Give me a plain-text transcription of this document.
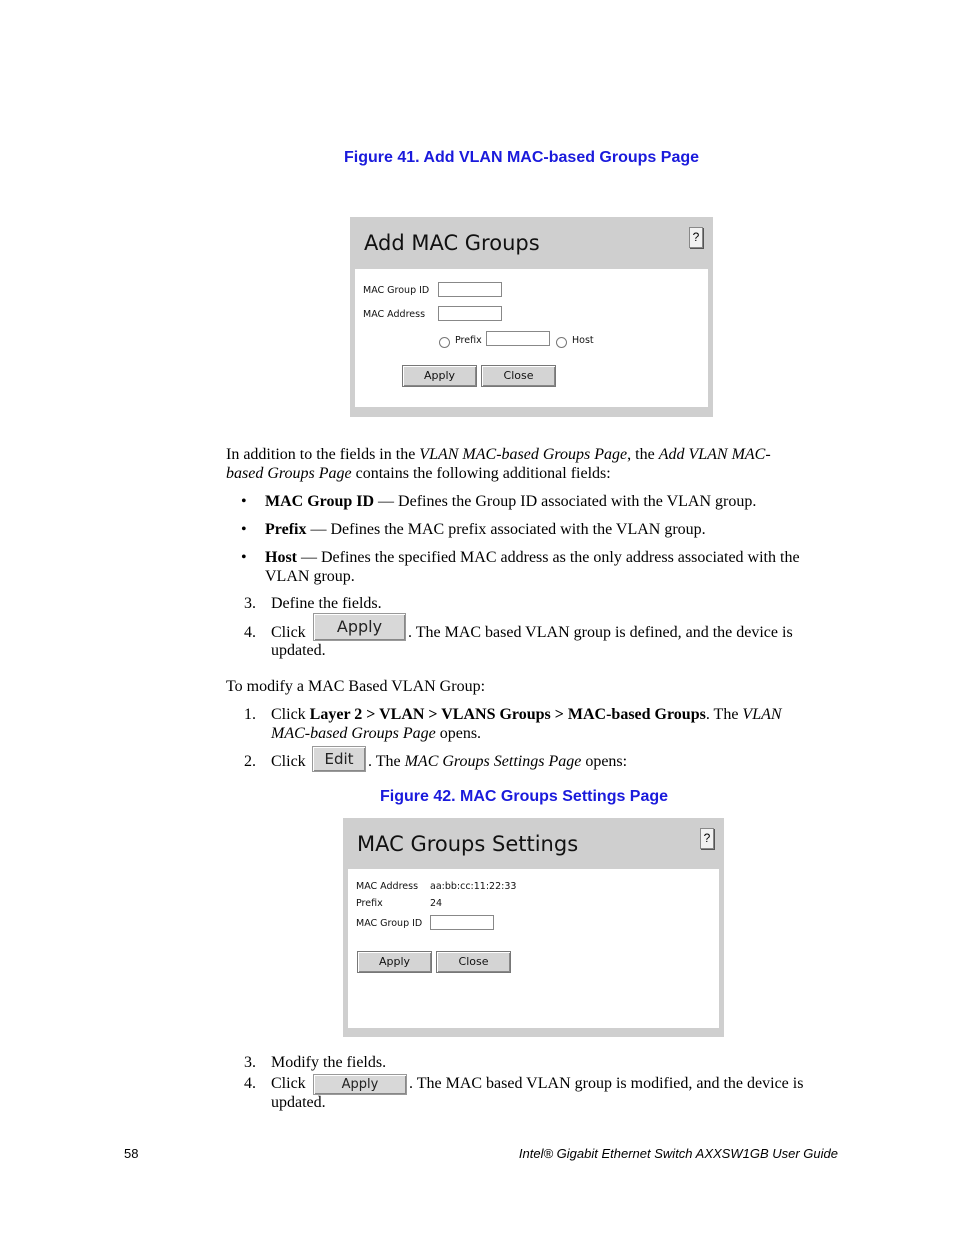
Figure 41. Add VLAN MAC-based Groups Page
Add MAC Groups	?
MAC Group ID
MAC Address
Prefix	Host
Apply	Close
In addition to the fields in the VLAN MAC-based Groups Page, the Add VLAN MAC-
based Groups Page contains the following additional fields:
• MAC Group ID — Defines the Group ID associated with the VLAN group.
• Prefix — Defines the MAC prefix associated with the VLAN group.
• Host — Defines the specified MAC address as the only address associated with the
VLAN group.
3. Define the fields.
4. Click	Apply	. The MAC based VLAN group is defined, and the device is
updated.
To modify a MAC Based VLAN Group:
1. Click Layer 2 > VLAN > VLANS Groups > MAC-based Groups. The VLAN
MAC-based Groups Page opens.
2. Click	Edit . The MAC Groups Settings Page opens:
Figure 42. MAC Groups Settings Page
MAC Groups Settings	?
MAC Address aa:bb:cc:11:22:33
Prefix	24
MAC Group ID
Apply	Close
3. Modify the fields.
4. Click	Apply	. The MAC based VLAN group is modified, and the device is
updated.
58	Intel® Gigabit Ethernet Switch AXXSW1GB User Guide
